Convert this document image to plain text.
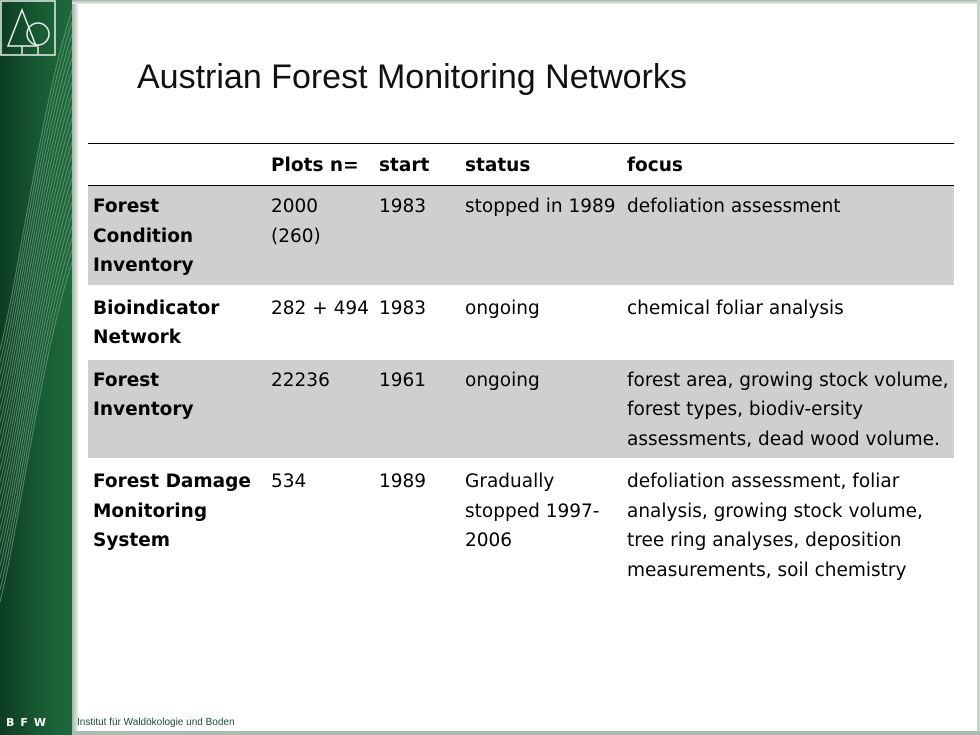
BFW

Austrian Forest Monitoring Networks
	Plots n=	start	status	focus
Forest Condition Inventory	2000 (260)	1983	stopped in 1989	defoliation assessment
Bioindicator Network	282 + 494	1983	ongoing	chemical foliar analysis
Forest Inventory	22236	1961	ongoing	forest area, growing stock volume, forest types, biodiv-ersity assessments, dead wood volume.
Forest Damage Monitoring System	534	1989	Gradually stopped 1997-2006	defoliation assessment, foliar analysis, growing stock volume, tree ring analyses, deposition measurements, soil chemistry

Institut für Waldökologie und Boden
